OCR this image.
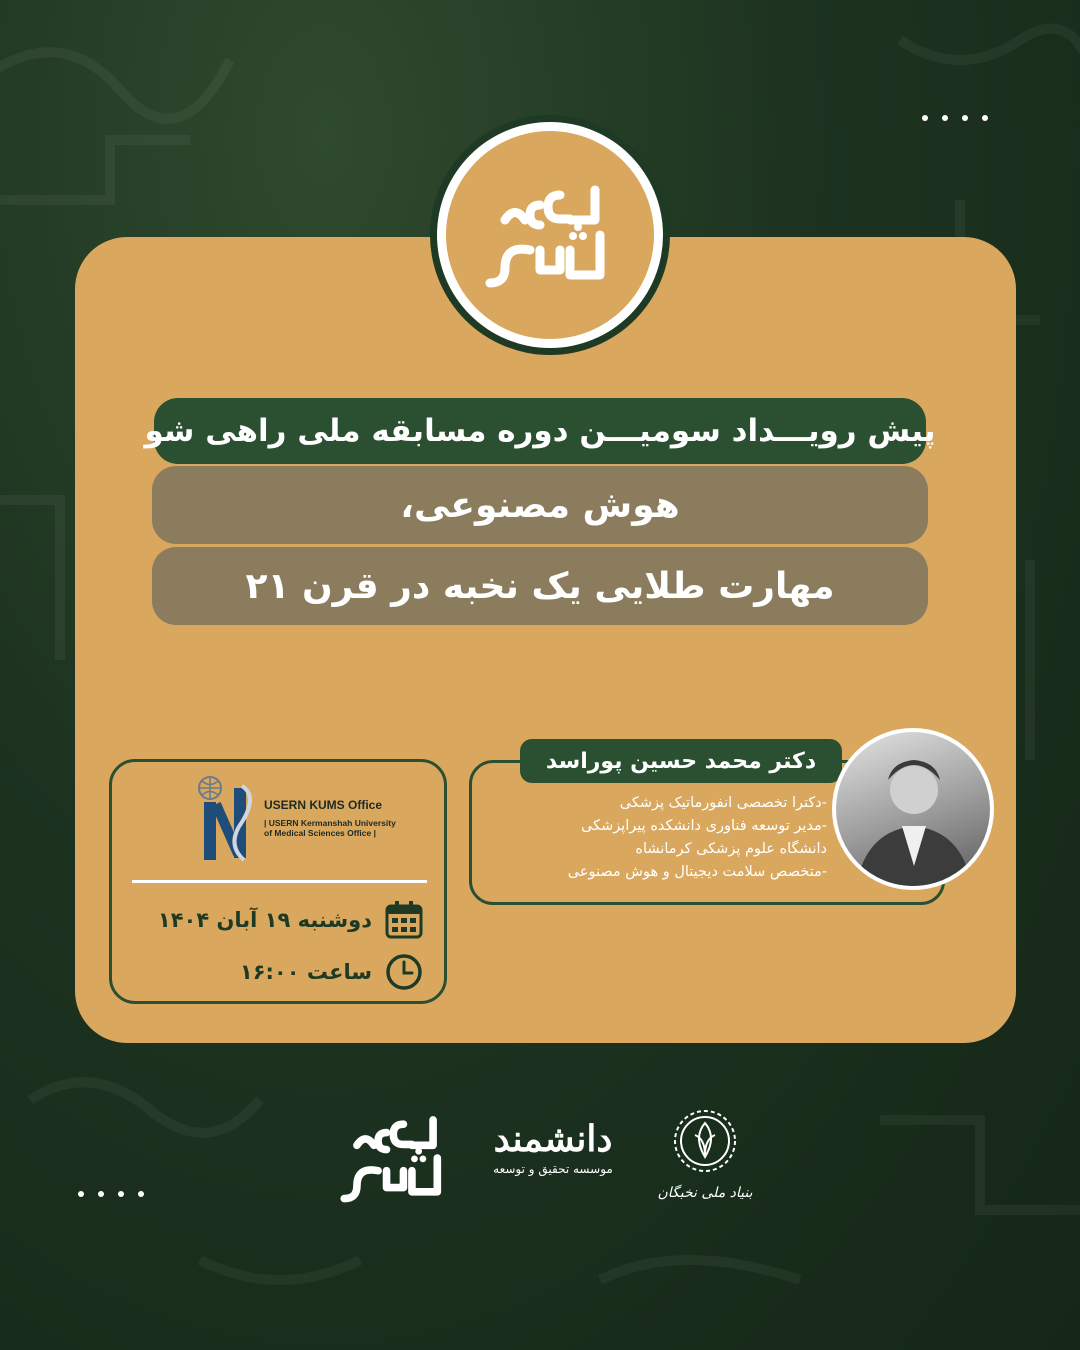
پیش رویـــداد سومیـــن دوره مسابقه ملی راهی شو
هوش مصنوعی،
مهارت طلایی یک نخبه در قرن ۲۱
USERN KUMS Office
| USERN Kermanshah University of Medical Sciences Office |
دوشنبه ۱۹ آبان ۱۴۰۴
ساعت ۱۶:۰۰
دکتر محمد حسین پوراسد
-دکترا تخصصی انفورماتیک پزشکی
-مدیر توسعه فناوری دانشکده پیراپزشکی
دانشگاه علوم پزشکی کرمانشاه
-متخصص سلامت دیجیتال و هوش مصنوعی
دانشمند
موسسه تحقیق و توسعه
بنیاد ملی نخبگان
